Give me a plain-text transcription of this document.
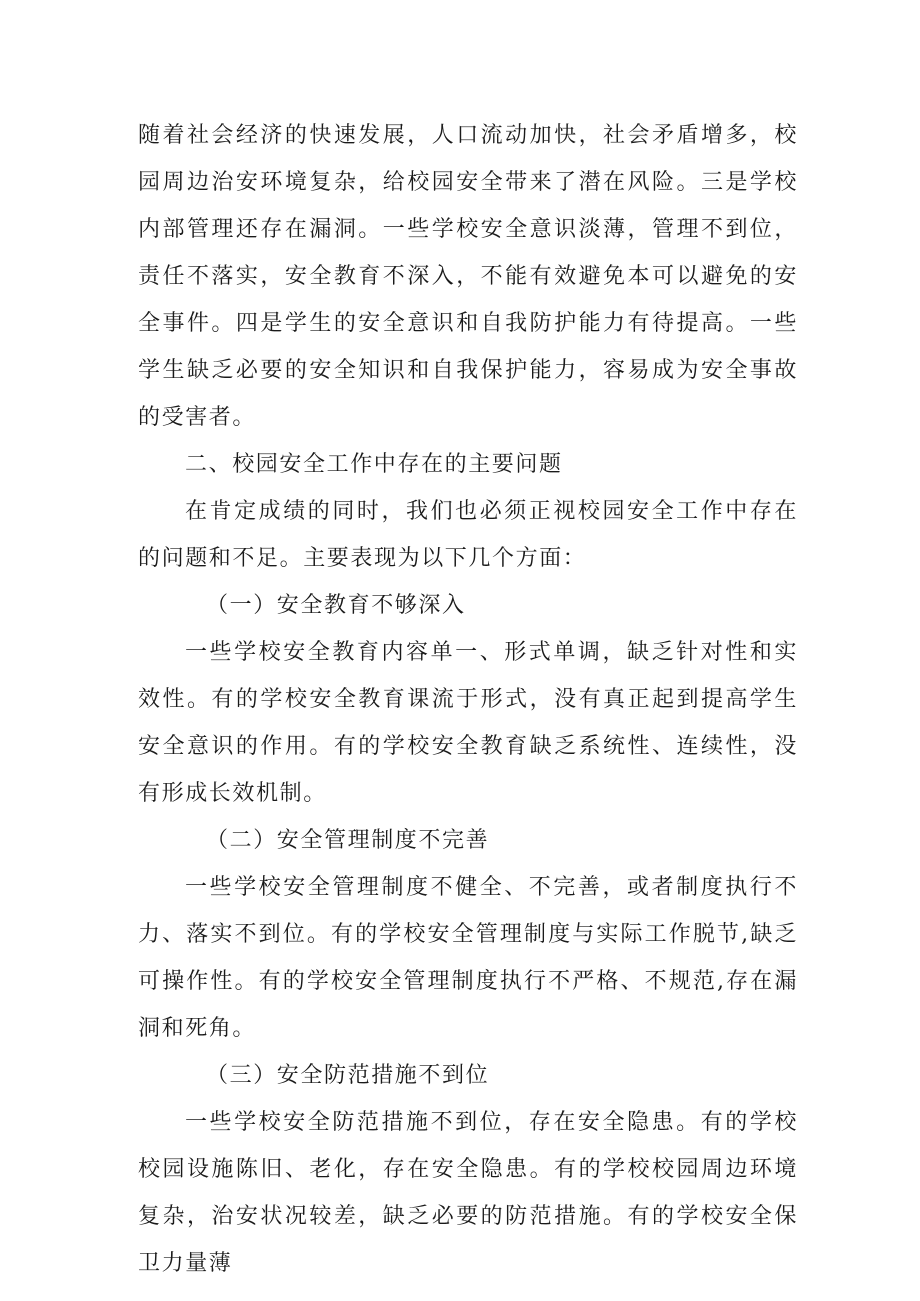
随着社会经济的快速发展，人口流动加快，社会矛盾增多，校园周边治安环境复杂，给校园安全带来了潜在风险。三是学校内部管理还存在漏洞。一些学校安全意识淡薄，管理不到位，责任不落实，安全教育不深入，不能有效避免本可以避免的安全事件。四是学生的安全意识和自我防护能力有待提高。一些学生缺乏必要的安全知识和自我保护能力，容易成为安全事故的受害者。

二、校园安全工作中存在的主要问题

在肯定成绩的同时，我们也必须正视校园安全工作中存在的问题和不足。主要表现为以下几个方面：

（一）安全教育不够深入

一些学校安全教育内容单一、形式单调，缺乏针对性和实效性。有的学校安全教育课流于形式，没有真正起到提高学生安全意识的作用。有的学校安全教育缺乏系统性、连续性，没有形成长效机制。

（二）安全管理制度不完善

一些学校安全管理制度不健全、不完善，或者制度执行不力、落实不到位。有的学校安全管理制度与实际工作脱节,缺乏可操作性。有的学校安全管理制度执行不严格、不规范,存在漏洞和死角。

（三）安全防范措施不到位

一些学校安全防范措施不到位，存在安全隐患。有的学校校园设施陈旧、老化，存在安全隐患。有的学校校园周边环境复杂，治安状况较差，缺乏必要的防范措施。有的学校安全保卫力量薄
